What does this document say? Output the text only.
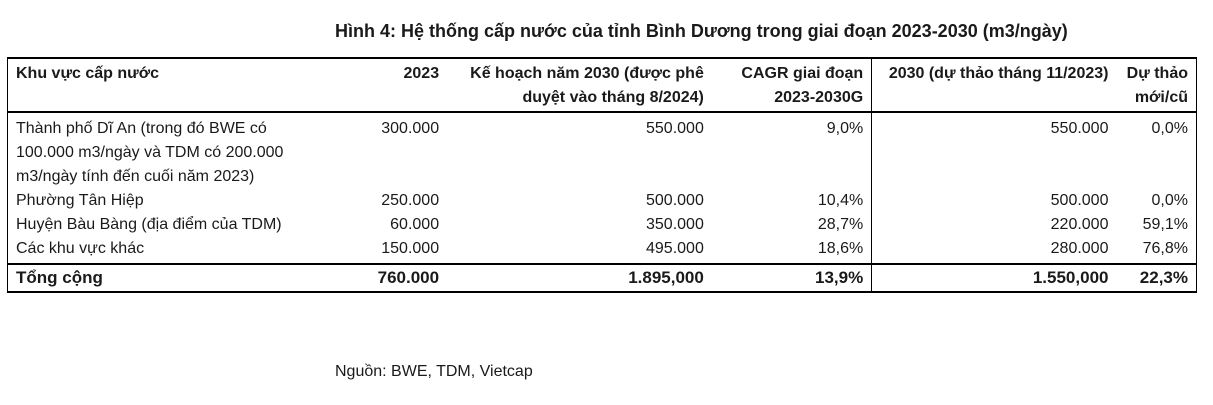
Hình 4: Hệ thống cấp nước của tỉnh Bình Dương trong giai đoạn 2023-2030 (m3/ngày)
Khu vực cấp nước	2023	Kế hoạch năm 2030 (được phê duyệt vào tháng 8/2024)	CAGR giai đoạn 2023-2030G	2030 (dự thảo tháng 11/2023)	Dự thảo mới/cũ
Thành phố Dĩ An (trong đó BWE có 100.000 m3/ngày và TDM có 200.000 m3/ngày tính đến cuối năm 2023)	300.000	550.000	9,0%	550.000	0,0%
Phường Tân Hiệp	250.000	500.000	10,4%	500.000	0,0%
Huyện Bàu Bàng (địa điểm của TDM)	60.000	350.000	28,7%	220.000	59,1%
Các khu vực khác	150.000	495.000	18,6%	280.000	76,8%
Tổng cộng	760.000	1.895,000	13,9%	1.550,000	22,3%
Nguồn: BWE, TDM, Vietcap
